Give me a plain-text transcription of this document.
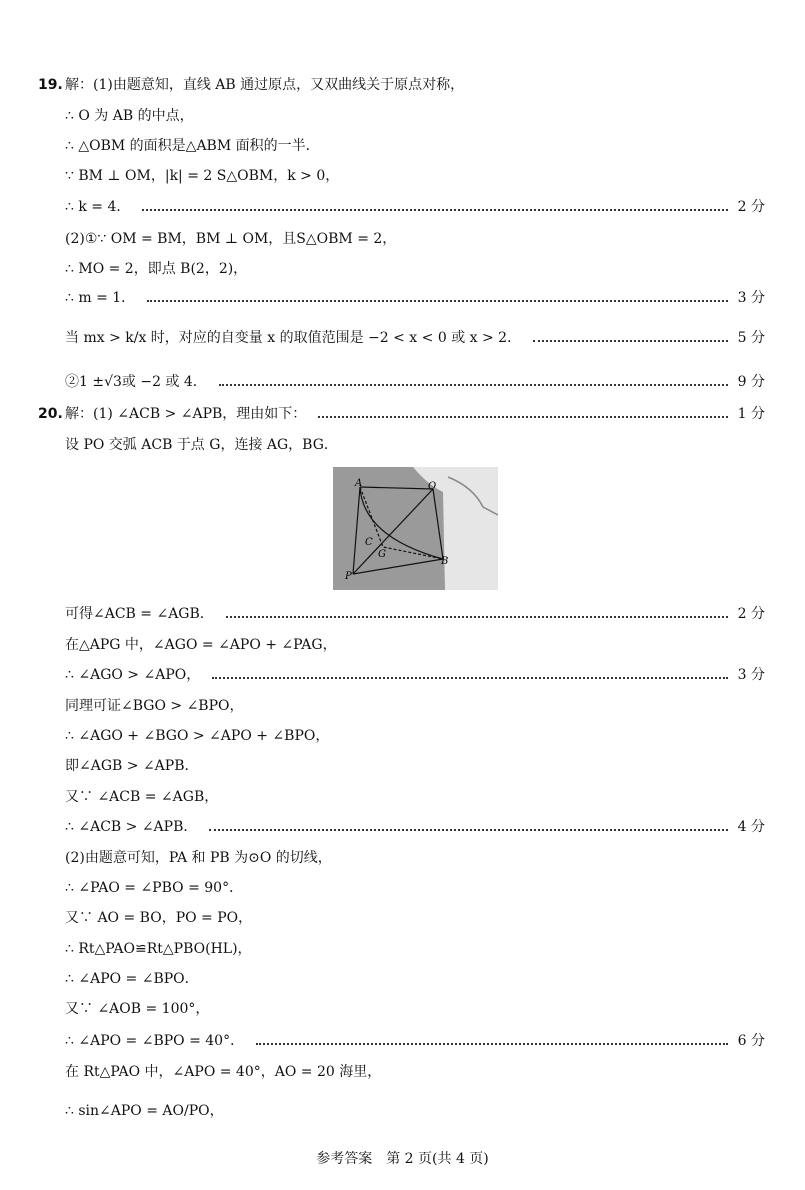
19. 解：(1)由题意知，直线 AB 通过原点，又双曲线关于原点对称，
∴ O 为 AB 的中点，
∴ △OBM 的面积是△ABM 面积的一半．
∵ BM ⊥ OM，|k| = 2 S△OBM，k > 0，
∴ k = 4．	2 分
(2)①∵ OM = BM，BM ⊥ OM，且S△OBM = 2，
∴ MO = 2，即点 B(2，2)，
∴ m = 1．	3 分
当 mx > k/x 时，对应的自变量 x 的取值范围是 −2 < x < 0 或 x > 2．	5 分
②1 ±√3或 −2 或 4．	9 分
20. 解：(1) ∠ACB > ∠APB，理由如下：	1 分
设 PO 交弧 ACB 于点 G，连接 AG，BG．
可得∠ACB = ∠AGB．	2 分
在△APG 中，∠AGO = ∠APO + ∠PAG，
∴ ∠AGO > ∠APO，	3 分
同理可证∠BGO > ∠BPO，
∴ ∠AGO + ∠BGO > ∠APO + ∠BPO，
即∠AGB > ∠APB．
又∵ ∠ACB = ∠AGB，
∴ ∠ACB > ∠APB．	4 分
(2)由题意可知，PA 和 PB 为⊙O 的切线，
∴ ∠PAO = ∠PBO = 90°．
又∵ AO = BO，PO = PO，
∴ Rt△PAO≌Rt△PBO(HL)，
∴ ∠APO = ∠BPO．
又∵ ∠AOB = 100°，
∴ ∠APO = ∠BPO = 40°．	6 分
在 Rt△PAO 中，∠APO = 40°，AO = 20 海里，
∴ sin∠APO = AO/PO，
A	O
C
G
B
P
参考答案　第 2 页(共 4 页)
